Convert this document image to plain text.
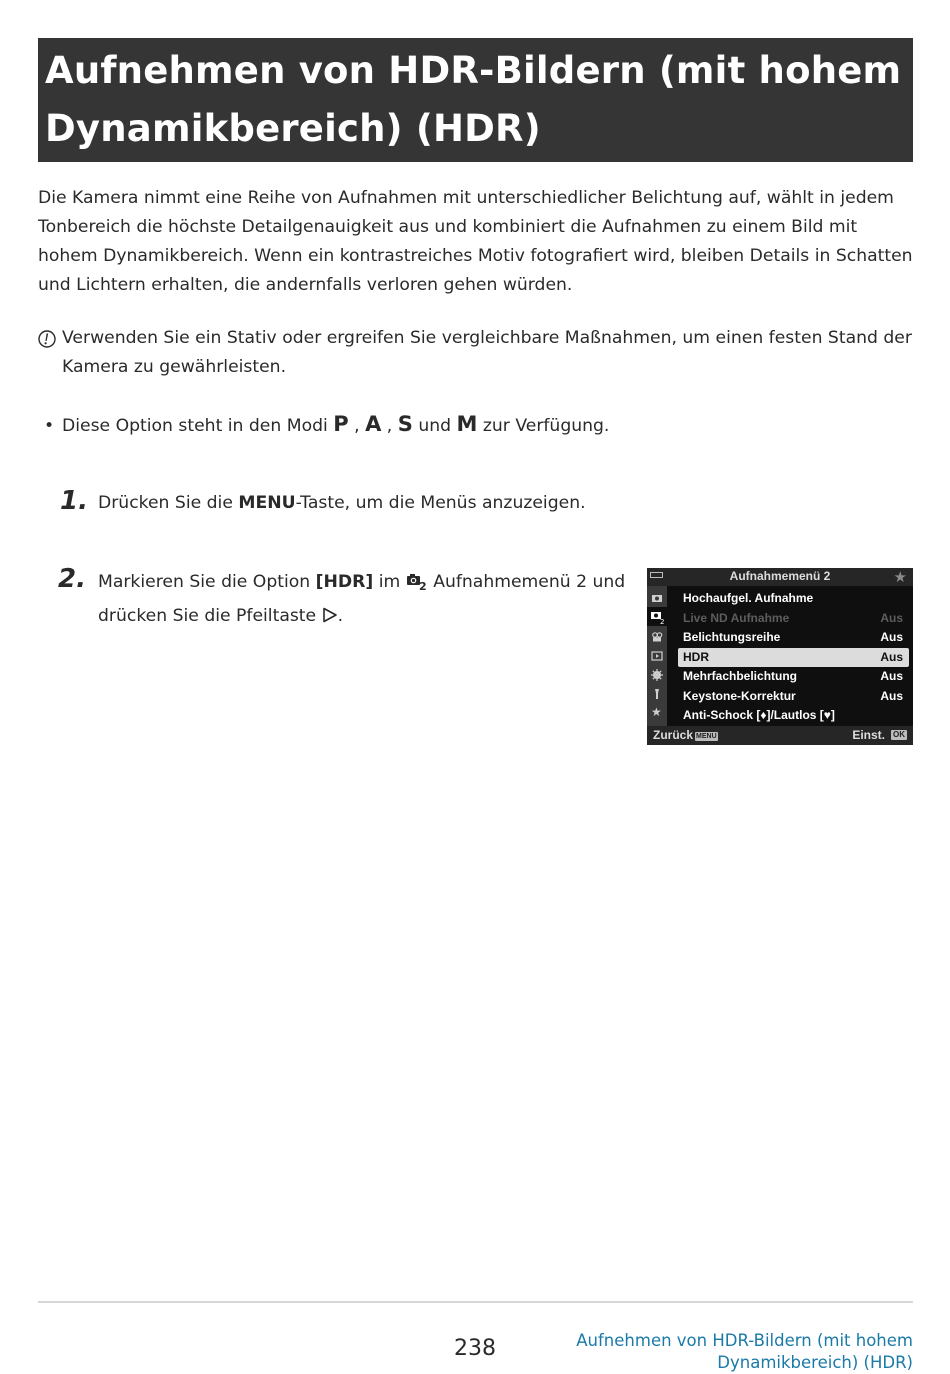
Aufnehmen von HDR-Bildern (mit hohem Dynamikbereich) (HDR)

Die Kamera nimmt eine Reihe von Aufnahmen mit unterschiedlicher Belichtung auf, wählt in jedem Tonbereich die höchste Detailgenauigkeit aus und kombiniert die Aufnahmen zu einem Bild mit hohem Dynamikbereich. Wenn ein kontrastreiches Motiv fotografiert wird, bleiben Details in Schatten und Lichtern erhalten, die andernfalls verloren gehen würden.

Verwenden Sie ein Stativ oder ergreifen Sie vergleichbare Maßnahmen, um einen festen Stand der Kamera zu gewährleisten.
• Diese Option steht in den Modi P , A , S und M zur Verfügung.
1. Drücken Sie die MENU-Taste, um die Menüs anzuzeigen.
2. Markieren Sie die Option [HDR] im 2 Aufnahmemenü 2 und
drücken Sie die Pfeiltaste .
Aufnahmemenü 2	★
2
★
Hochaufgel. Aufnahme
Live ND Aufnahme	Aus
Belichtungsreihe	Aus
HDR	Aus
Mehrfachbelichtung	Aus
Keystone-Korrektur	Aus
Anti-Schock [♦]/Lautlos [♥]
Zurück MENU	Einst. OK
238	Aufnehmen von HDR-Bildern (mit hohem
Dynamikbereich) (HDR)
